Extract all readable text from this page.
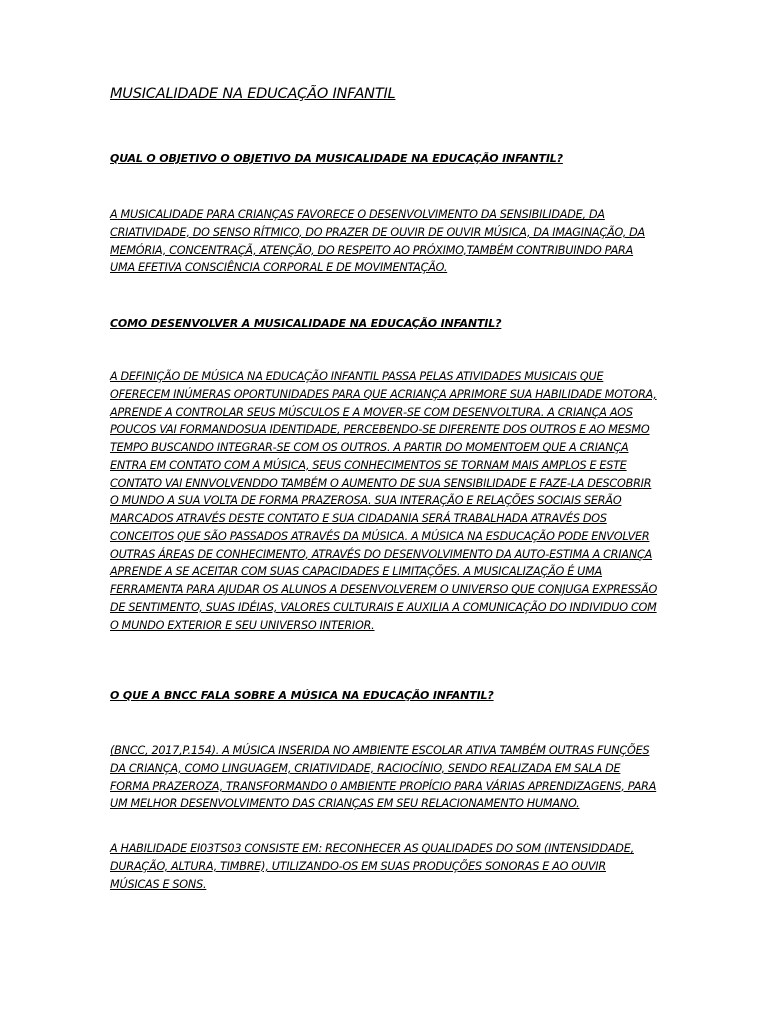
MUSICALIDADE NA EDUCAÇÃO INFANTIL
QUAL O OBJETIVO O OBJETIVO DA MUSICALIDADE NA EDUCAÇÃO INFANTIL?

A MUSICALIDADE PARA CRIANÇAS FAVORECE O DESENVOLVIMENTO DA SENSIBILIDADE, DA CRIATIVIDADE, DO SENSO RÍTMICO, DO PRAZER DE OUVIR DE OUVIR MÚSICA, DA IMAGINAÇÃO, DA MEMÓRIA, CONCENTRAÇÃ, ATENÇÃO, DO RESPEITO AO PRÓXIMO,TAMBÉM CONTRIBUINDO PARA UMA EFETIVA CONSCIÊNCIA CORPORAL E DE MOVIMENTAÇÃO.

COMO DESENVOLVER A MUSICALIDADE NA EDUCAÇÃO INFANTIL?

A DEFINIÇÃO DE MÚSICA NA EDUCAÇÃO INFANTIL PASSA PELAS ATIVIDADES MUSICAIS QUE OFERECEM INÚMERAS OPORTUNIDADES PARA QUE ACRIANÇA APRIMORE SUA HABILIDADE MOTORA, APRENDE A CONTROLAR SEUS MÚSCULOS E A MOVER-SE COM DESENVOLTURA. A CRIANÇA AOS POUCOS VAI FORMANDOSUA IDENTIDADE, PERCEBENDO-SE DIFERENTE DOS OUTROS E AO MESMO TEMPO BUSCANDO INTEGRAR-SE COM OS OUTROS. A PARTIR DO MOMENTOEM QUE A CRIANÇA ENTRA EM CONTATO COM A MÚSICA, SEUS CONHECIMENTOS SE TORNAM MAIS AMPLOS E ESTE CONTATO VAI ENNVOLVENDDO TAMBÉM O AUMENTO DE SUA SENSIBILIDADE E FAZE-LA DESCOBRIR O MUNDO A SUA VOLTA DE FORMA PRAZEROSA. SUA INTERAÇÃO E RELAÇÕES SOCIAIS SERÃO MARCADOS ATRAVÉS DESTE CONTATO E SUA CIDADANIA SERÁ TRABALHADA ATRAVÉS DOS CONCEITOS QUE SÃO PASSADOS ATRAVÉS DA MÚSICA. A MÚSICA NA ESDUCAÇÃO PODE ENVOLVER OUTRAS ÁREAS DE CONHECIMENTO, ATRAVÉS DO DESENVOLVIMENTO DA AUTO-ESTIMA A CRIANÇA APRENDE A SE ACEITAR COM SUAS CAPACIDADES E LIMITAÇÕES. A MUSICALIZAÇÃO É UMA FERRAMENTA PARA AJUDAR OS ALUNOS A DESENVOLVEREM O UNIVERSO QUE CONJUGA EXPRESSÃO DE SENTIMENTO, SUAS IDÉIAS, VALORES CULTURAIS E AUXILIA A COMUNICAÇÃO DO INDIVIDUO COM O MUNDO EXTERIOR E SEU UNIVERSO INTERIOR.

O QUE A BNCC FALA SOBRE A MÚSICA NA EDUCAÇÃO INFANTIL?

(BNCC, 2017,P.154). A MÚSICA INSERIDA NO AMBIENTE ESCOLAR ATIVA TAMBÉM OUTRAS FUNÇÕES DA CRIANÇA, COMO LINGUAGEM, CRIATIVIDADE, RACIOCÍNIO, SENDO REALIZADA EM SALA DE FORMA PRAZEROZA, TRANSFORMANDO 0 AMBIENTE PROPÍCIO PARA VÁRIAS APRENDIZAGENS, PARA UM MELHOR DESENVOLVIMENTO DAS CRIANÇAS EM SEU RELACIONAMENTO HUMANO.

A HABILIDADE EI03TS03 CONSISTE EM: RECONHECER AS QUALIDADES DO SOM (INTENSIDDADE, DURAÇÃO, ALTURA, TIMBRE), UTILIZANDO-OS EM SUAS PRODUÇÕES SONORAS E AO OUVIR MÚSICAS E SONS.
